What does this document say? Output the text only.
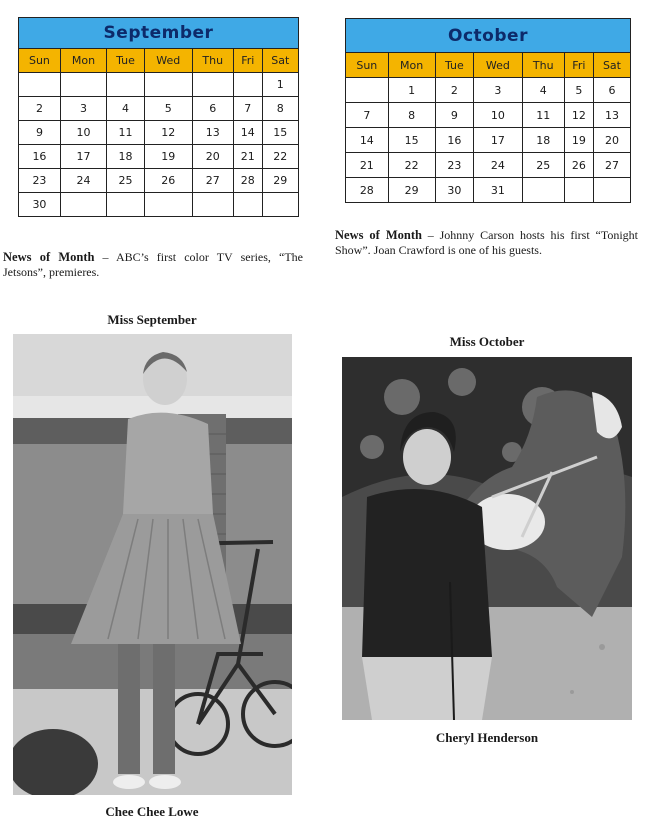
September						
Sun	Mon	Tue	Wed	Thu	Fri	Sat
						1
2	3	4	5	6	7	8
9	10	11	12	13	14	15
16	17	18	19	20	21	22
23	24	25	26	27	28	29
30						
October						
Sun	Mon	Tue	Wed	Thu	Fri	Sat
	1	2	3	4	5	6
7	8	9	10	11	12	13
14	15	16	17	18	19	20
21	22	23	24	25	26	27
28	29	30	31			
News of Month – ABC’s first color TV series, “The Jetsons”, premieres.
News of Month – Johnny Carson hosts his first “Tonight Show”. Joan Crawford is one of his guests.
Miss September
Miss October
Chee Chee Lowe
Cheryl Henderson
